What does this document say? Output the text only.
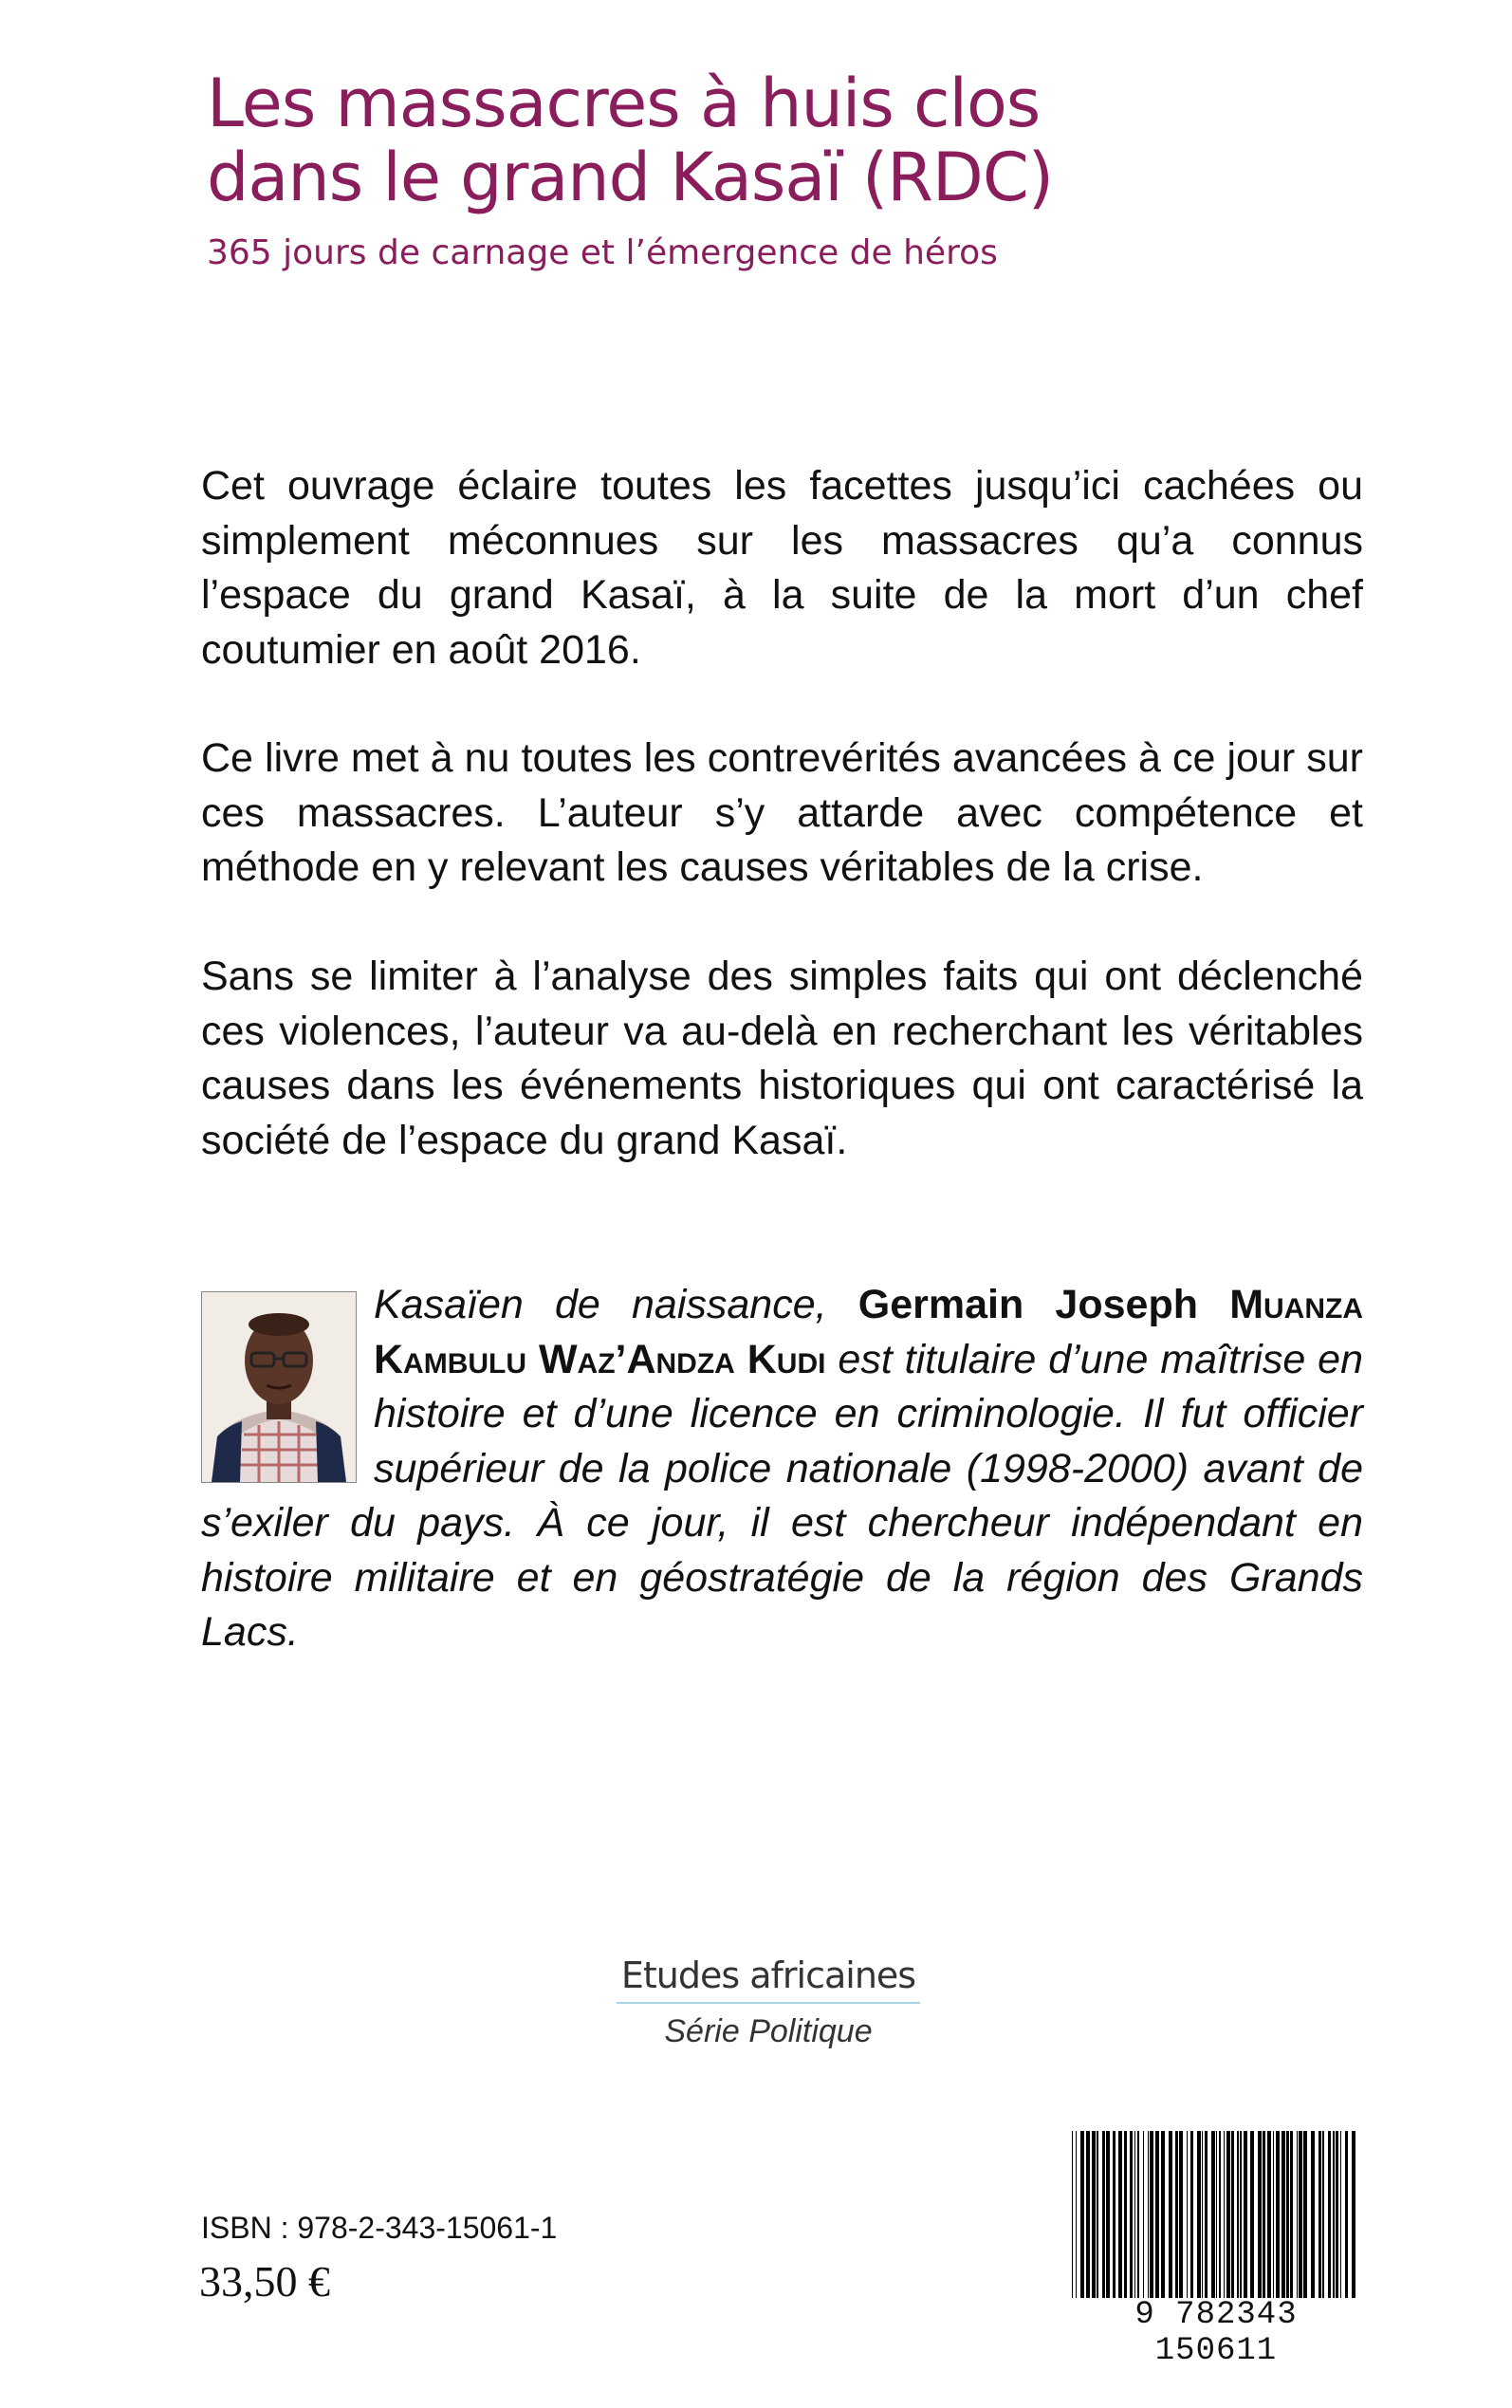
Les massacres à huis clos
dans le grand Kasaï (RDC)

365 jours de carnage et l’émergence de héros

Cet ouvrage éclaire toutes les facettes jusqu’ici cachées ou simplement méconnues sur les massacres qu’a connus l’espace du grand Kasaï, à la suite de la mort d’un chef coutumier en août 2016.

Ce livre met à nu toutes les contrevérités avancées à ce jour sur ces massacres. L’auteur s’y attarde avec compétence et méthode en y relevant les causes véritables de la crise.

Sans se limiter à l’analyse des simples faits qui ont déclenché ces violences, l’auteur va au-delà en recherchant les véritables causes dans les événements historiques qui ont caractérisé la société de l’espace du grand Kasaï.

Kasaïen de naissance, Germain Joseph Muanza Kambulu Waz’Andza Kudi est titulaire d’une maîtrise en histoire et d’une licence en criminologie. Il fut officier supérieur de la police nationale (1998-2000) avant de s’exiler du pays. À ce jour, il est chercheur indépendant en histoire militaire et en géostratégie de la région des Grands Lacs.

Etudes africaines
Série Politique
ISBN : 978-2-343-15061-1
33,50 €
9 782343 150611
